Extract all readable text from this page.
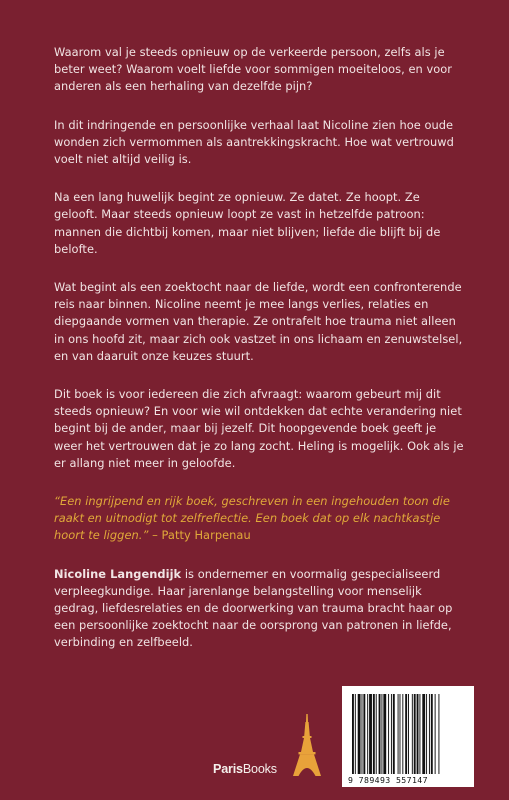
Waarom val je steeds opnieuw op de verkeerde persoon, zelfs als je beter weet? Waarom voelt liefde voor sommigen moeiteloos, en voor anderen als een herhaling van dezelfde pijn?

In dit indringende en persoonlijke verhaal laat Nicoline zien hoe oude wonden zich vermommen als aantrekkingskracht. Hoe wat vertrouwd voelt niet altijd veilig is.

Na een lang huwelijk begint ze opnieuw. Ze datet. Ze hoopt. Ze gelooft. Maar steeds opnieuw loopt ze vast in hetzelfde patroon: mannen die dichtbij komen, maar niet blijven; liefde die blijft bij de belofte.

Wat begint als een zoektocht naar de liefde, wordt een confronterende reis naar binnen. Nicoline neemt je mee langs verlies, relaties en diepgaande vormen van therapie. Ze ontrafelt hoe trauma niet alleen in ons hoofd zit, maar zich ook vastzet in ons lichaam en zenuwstelsel, en van daaruit onze keuzes stuurt.

Dit boek is voor iedereen die zich afvraagt: waarom gebeurt mij dit steeds opnieuw? En voor wie wil ontdekken dat echte verandering niet begint bij de ander, maar bij jezelf. Dit hoopgevende boek geeft je weer het vertrouwen dat je zo lang zocht. Heling is mogelijk. Ook als je er allang niet meer in geloofde.

“Een ingrijpend en rijk boek, geschreven in een ingehouden toon die raakt en uitnodigt tot zelfreflectie. Een boek dat op elk nachtkastje hoort te liggen.” – Patty Harpenau

Nicoline Langendijk is ondernemer en voormalig gespecialiseerd verpleegkundige. Haar jarenlange belangstelling voor menselijk gedrag, liefdesrelaties en de doorwerking van trauma bracht haar op een persoonlijke zoektocht naar de oorsprong van patronen in liefde, verbinding en zelfbeeld.

ParisBooks
9 789493 557147
